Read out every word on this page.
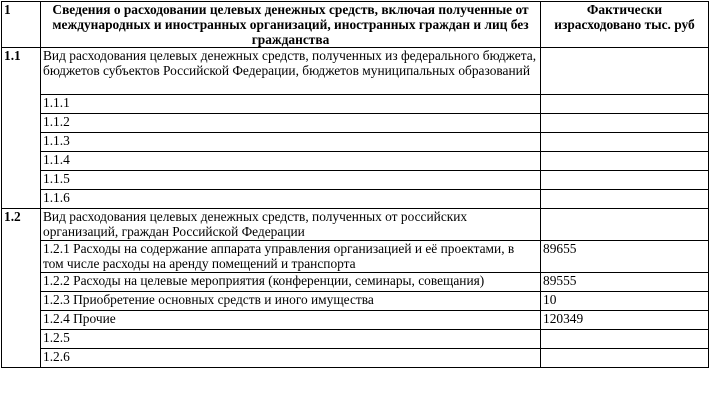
1	Сведения о расходовании целевых денежных средств, включая полученные от международных и иностранных организаций, иностранных граждан и лиц без гражданства	Фактически израсходовано тыс. руб
1.1	Вид расходования целевых денежных средств, полученных из федерального бюджета, бюджетов субъектов Российской Федерации, бюджетов муниципальных образований	
	1.1.1	
	1.1.2	
	1.1.3	
	1.1.4	
	1.1.5	
	1.1.6	
1.2	Вид расходования целевых денежных средств, полученных от российских организаций, граждан Российской Федерации	
	1.2.1 Расходы на содержание аппарата управления организацией и её проектами, в том числе расходы на аренду помещений и транспорта	89655
	1.2.2 Расходы на целевые мероприятия (конференции, семинары, совещания)	89555
	1.2.3 Приобретение основных средств и иного имущества	10
	1.2.4 Прочие	120349
	1.2.5	
	1.2.6	
